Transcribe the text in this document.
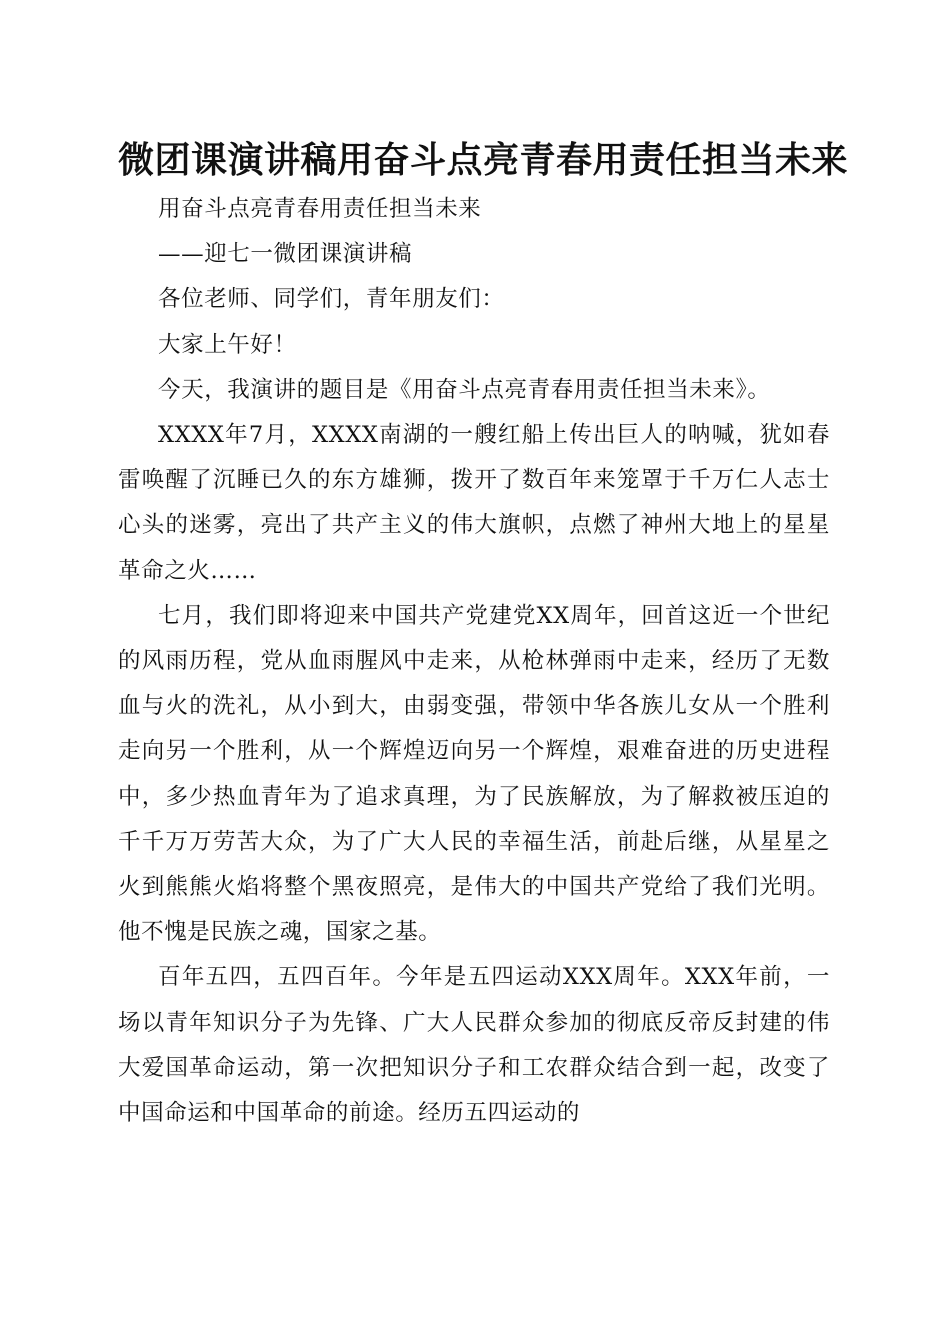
微团课演讲稿用奋斗点亮青春用责任担当未来

用奋斗点亮青春用责任担当未来

——迎七一微团课演讲稿

各位老师、同学们，青年朋友们：

大家上午好！

今天，我演讲的题目是《用奋斗点亮青春用责任担当未来》。

XXXX年7月，XXXX南湖的一艘红船上传出巨人的呐喊，犹如春雷唤醒了沉睡已久的东方雄狮，拨开了数百年来笼罩于千万仁人志士心头的迷雾，亮出了共产主义的伟大旗帜，点燃了神州大地上的星星革命之火……

七月，我们即将迎来中国共产党建党XX周年，回首这近一个世纪的风雨历程，党从血雨腥风中走来，从枪林弹雨中走来，经历了无数血与火的洗礼，从小到大，由弱变强，带领中华各族儿女从一个胜利走向另一个胜利，从一个辉煌迈向另一个辉煌，艰难奋进的历史进程中，多少热血青年为了追求真理，为了民族解放，为了解救被压迫的千千万万劳苦大众，为了广大人民的幸福生活，前赴后继，从星星之火到熊熊火焰将整个黑夜照亮，是伟大的中国共产党给了我们光明。他不愧是民族之魂，国家之基。

百年五四，五四百年。今年是五四运动XXX周年。XXX年前，一场以青年知识分子为先锋、广大人民群众参加的彻底反帝反封建的伟大爱国革命运动，第一次把知识分子和工农群众结合到一起，改变了中国命运和中国革命的前途。经历五四运动的
